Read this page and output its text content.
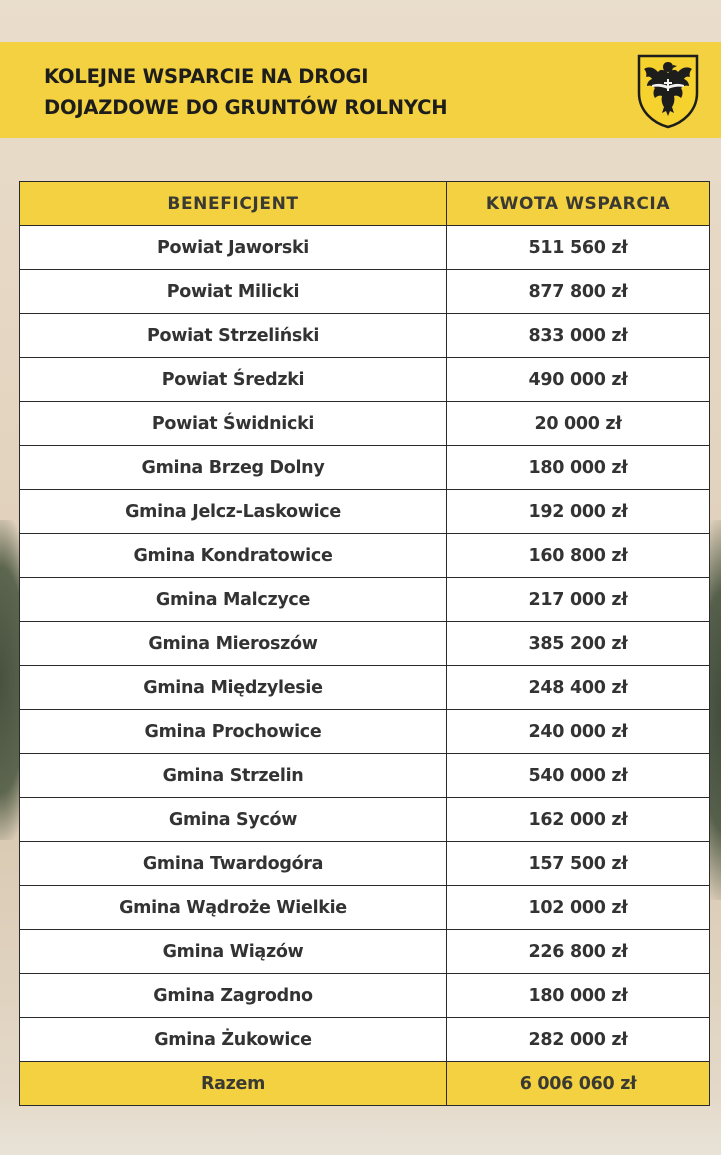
KOLEJNE WSPARCIE NA DROGI
DOJAZDOWE DO GRUNTÓW ROLNYCH
BENEFICJENT	KWOTA WSPARCIA
Powiat Jaworski	511 560 zł
Powiat Milicki	877 800 zł
Powiat Strzeliński	833 000 zł
Powiat Średzki	490 000 zł
Powiat Świdnicki	20 000 zł
Gmina Brzeg Dolny	180 000 zł
Gmina Jelcz-Laskowice	192 000 zł
Gmina Kondratowice	160 800 zł
Gmina Malczyce	217 000 zł
Gmina Mieroszów	385 200 zł
Gmina Międzylesie	248 400 zł
Gmina Prochowice	240 000 zł
Gmina Strzelin	540 000 zł
Gmina Syców	162 000 zł
Gmina Twardogóra	157 500 zł
Gmina Wądroże Wielkie	102 000 zł
Gmina Wiązów	226 800 zł
Gmina Zagrodno	180 000 zł
Gmina Żukowice	282 000 zł
Razem	6 006 060 zł
